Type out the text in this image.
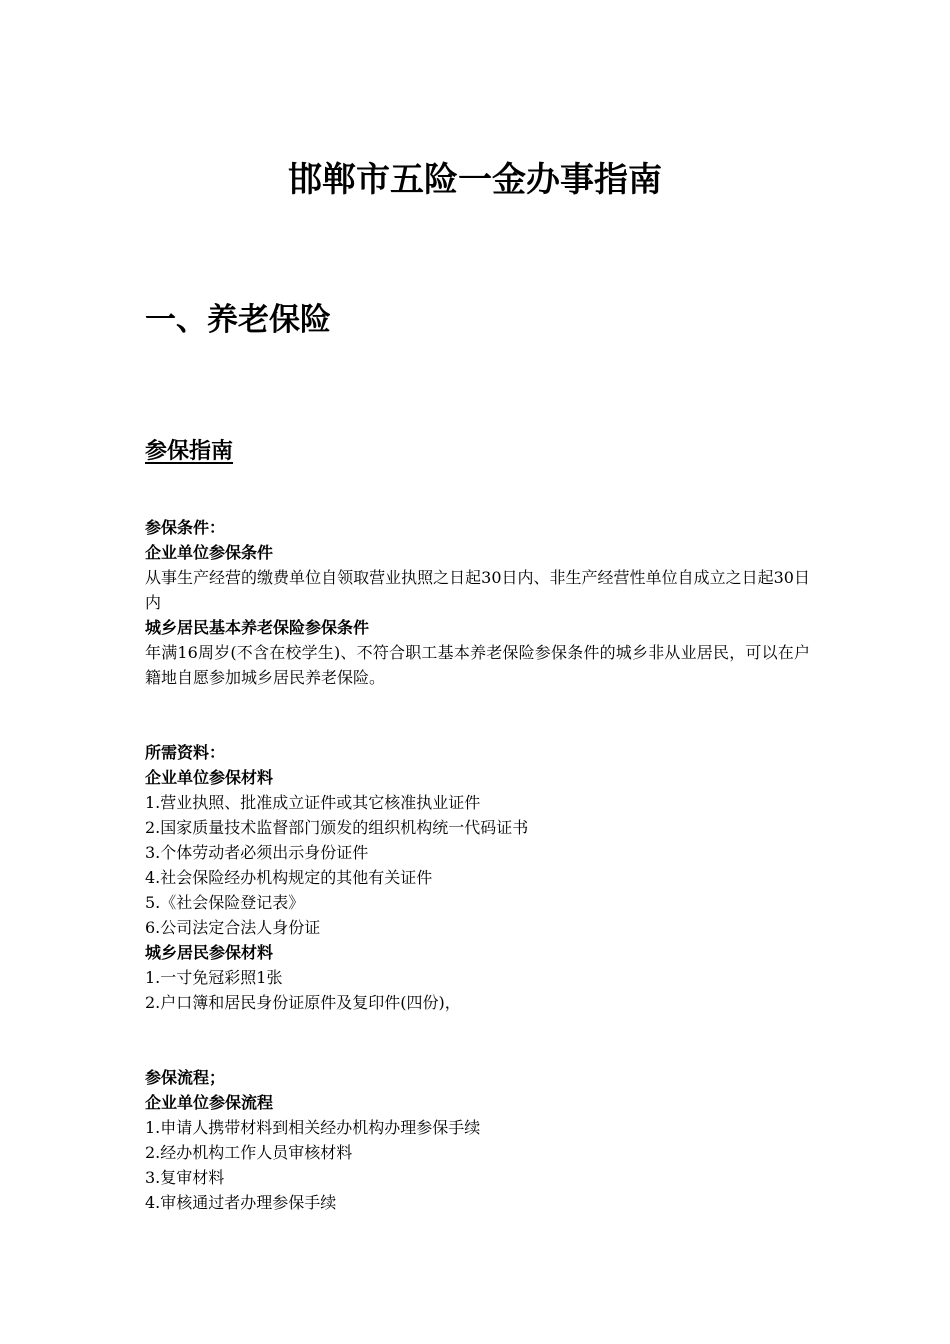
邯郸市五险一金办事指南
一、养老保险
参保指南

参保条件：

企业单位参保条件

从事生产经营的缴费单位自领取营业执照之日起30日内、非生产经营性单位自成立之日起30日内

城乡居民基本养老保险参保条件

年满16周岁(不含在校学生)、不符合职工基本养老保险参保条件的城乡非从业居民，可以在户籍地自愿参加城乡居民养老保险。

所需资料：

企业单位参保材料

1.营业执照、批准成立证件或其它核准执业证件
2.国家质量技术监督部门颁发的组织机构统一代码证书
3.个体劳动者必须出示身份证件
4.社会保险经办机构规定的其他有关证件
5.《社会保险登记表》
6.公司法定合法人身份证

城乡居民参保材料

1.一寸免冠彩照1张
2.户口簿和居民身份证原件及复印件(四份)，

参保流程；

企业单位参保流程

1.申请人携带材料到相关经办机构办理参保手续
2.经办机构工作人员审核材料
3.复审材料
4.审核通过者办理参保手续
